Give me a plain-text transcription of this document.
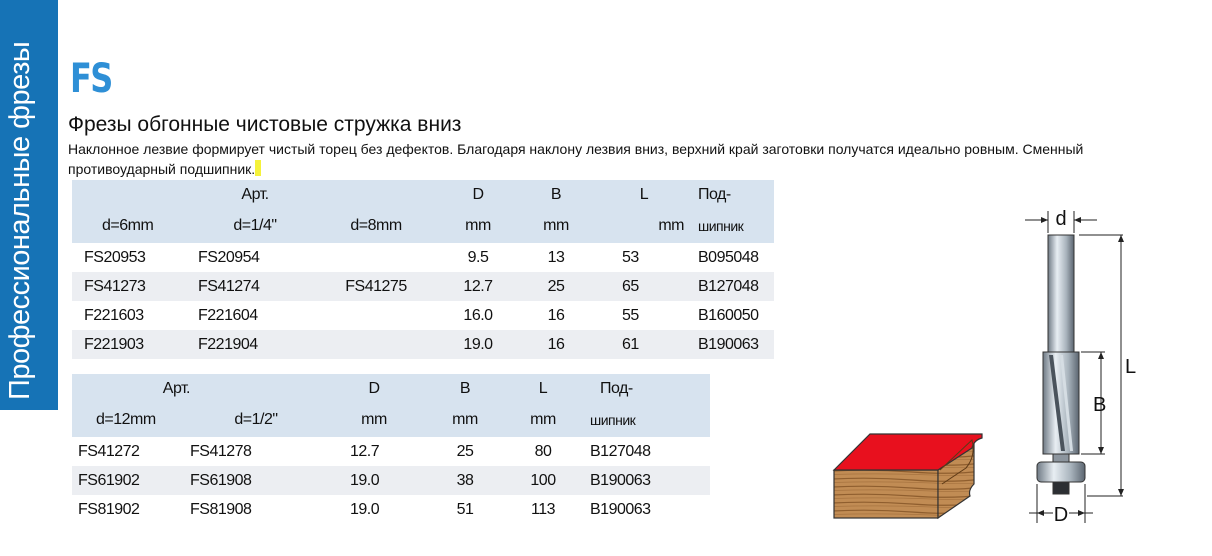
Профессиональные фрезы FS
Фрезы обгонные чистовые стружка вниз
Наклонное лезвие формирует чистый торец без дефектов. Благодаря наклону лезвия вниз, верхний край заготовки получатся идеально ровным. Сменный противоударный подшипник.
	Арт.		D	B	L	Под-
d=6mm	d=1/4"	d=8mm	mm	mm	mm	шипник
FS20953	FS20954		9.5	13	53	B095048
FS41273	FS41274	FS41275	12.7	25	65	B127048
F221603	F221604		16.0	16	55	B160050
F221903	F221904		19.0	16	61	B190063
Арт.		D	B	L	Под-
d=12mm	d=1/2"	mm	mm	mm	шипник
FS41272	FS41278	12.7	25	80	B127048
FS61902	FS61908	19.0	38	100	B190063
FS81902	FS81908	19.0	51	113	B190063
d
L
B
D
